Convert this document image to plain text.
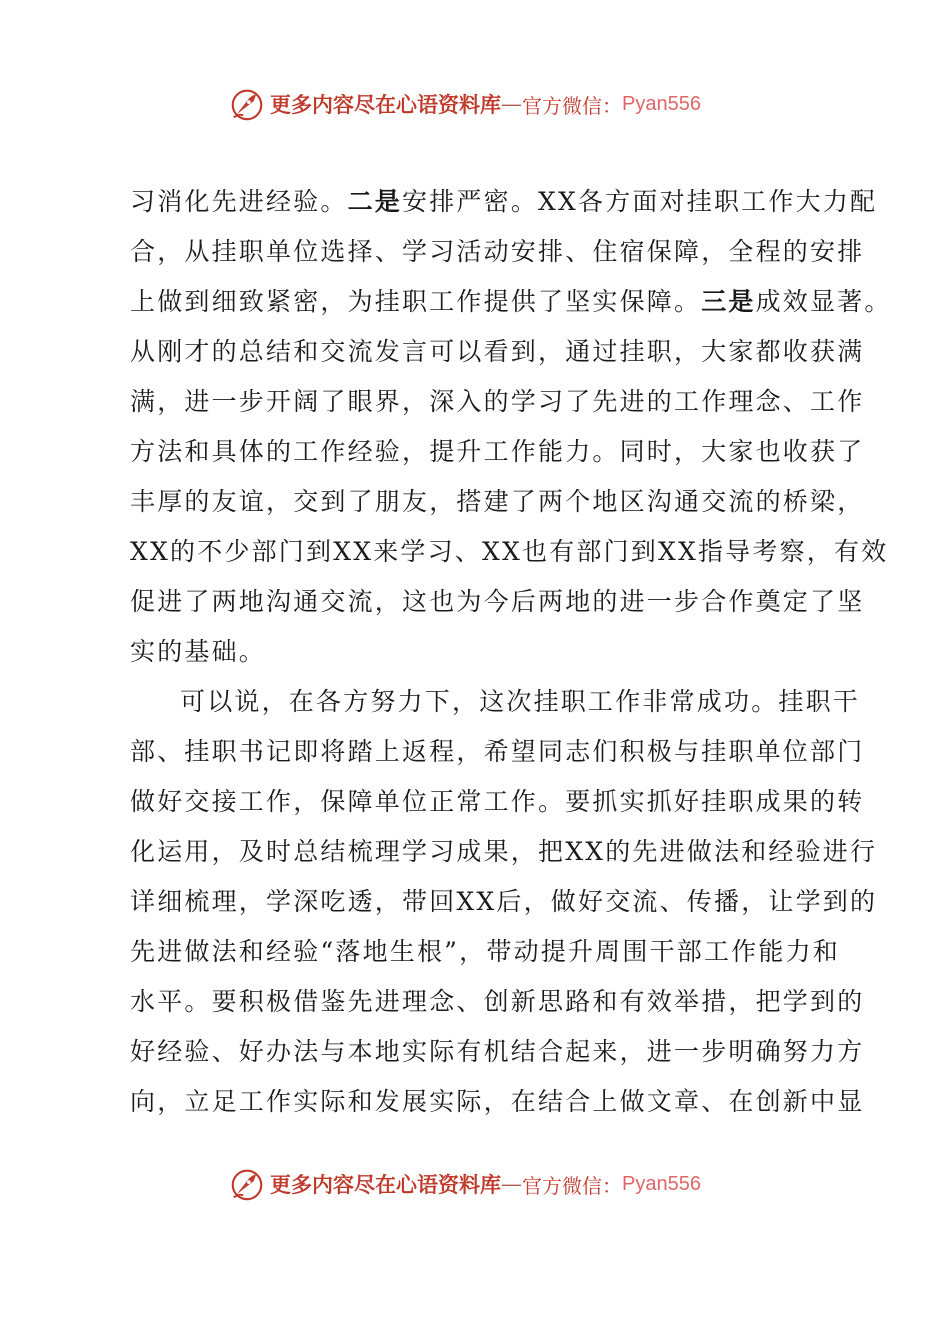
更多内容尽在心语资料库 — 官方微信： Pyan556
习消化先进经验。二是安排严密。XX各方面对挂职工作大力配
合，从挂职单位选择、学习活动安排、住宿保障，全程的安排
上做到细致紧密，为挂职工作提供了坚实保障。三是成效显著。
从刚才的总结和交流发言可以看到，通过挂职，大家都收获满
满，进一步开阔了眼界，深入的学习了先进的工作理念、工作
方法和具体的工作经验，提升工作能力。同时，大家也收获了
丰厚的友谊，交到了朋友，搭建了两个地区沟通交流的桥梁，
XX的不少部门到XX来学习、XX也有部门到XX指导考察，有效
促进了两地沟通交流，这也为今后两地的进一步合作奠定了坚
实的基础。
可以说，在各方努力下，这次挂职工作非常成功。挂职干
部、挂职书记即将踏上返程，希望同志们积极与挂职单位部门
做好交接工作，保障单位正常工作。要抓实抓好挂职成果的转
化运用，及时总结梳理学习成果，把XX的先进做法和经验进行
详细梳理，学深吃透，带回XX后，做好交流、传播，让学到的
先进做法和经验“落地生根”，带动提升周围干部工作能力和
水平。要积极借鉴先进理念、创新思路和有效举措，把学到的
好经验、好办法与本地实际有机结合起来，进一步明确努力方
向，立足工作实际和发展实际，在结合上做文章、在创新中显
更多内容尽在心语资料库 — 官方微信： Pyan556
